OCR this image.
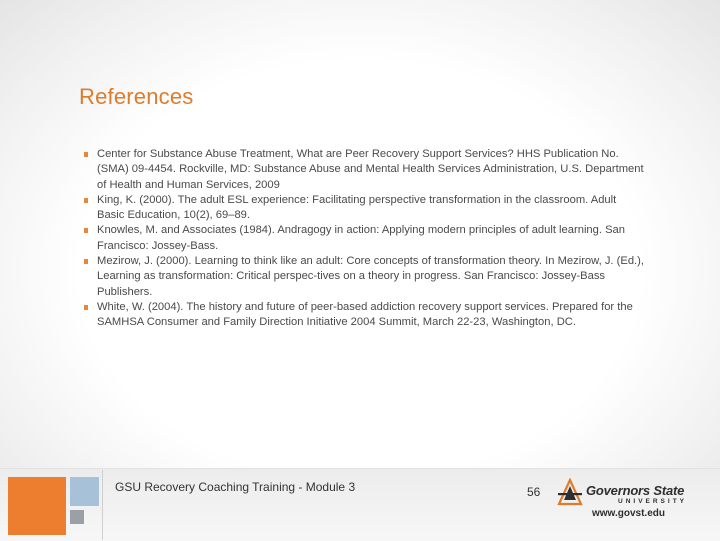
References
Center for Substance Abuse Treatment, What are Peer Recovery Support Services? HHS Publication No. (SMA) 09-4454. Rockville, MD: Substance Abuse and Mental Health Services Administration, U.S. Department of Health and Human Services, 2009
King, K. (2000). The adult ESL experience: Facilitating perspective transformation in the classroom. Adult Basic Education, 10(2), 69–89.
Knowles, M. and Associates (1984). Andragogy in action: Applying modern principles of adult learning. San Francisco: Jossey-Bass.
Mezirow, J. (2000). Learning to think like an adult: Core concepts of transformation theory. In Mezirow, J. (Ed.), Learning as transformation: Critical perspec-tives on a theory in progress. San Francisco: Jossey-Bass Publishers.
White, W. (2004). The history and future of peer-based addiction recovery support services. Prepared for the SAMHSA Consumer and Family Direction Initiative 2004 Summit, March 22-23, Washington, DC.
GSU Recovery Coaching Training - Module 3	56	Governors State
UNIVERSITY
www.govst.edu
